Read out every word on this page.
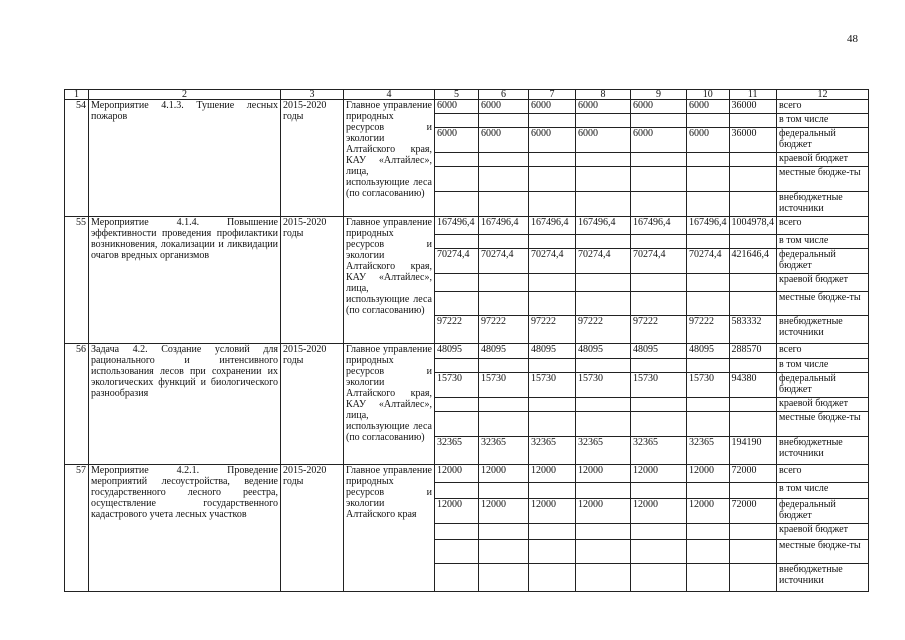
48
1	2	3	4	5	6	7	8	9	10	11	12
54	Мероприятие 4.1.3. Тушение лесных пожаров	2015-2020 годы	Главное управление природных ресурсов и экологии Алтайского края, КАУ «Алтайлес», лица, использующие леса (по согласованию)	6000	6000	6000	6000	6000	6000	36000	всего
											в том числе
				6000	6000	6000	6000	6000	6000	36000	федеральный бюджет
											краевой бюджет
											местные бюдже-ты
											внебюджетные источники
55	Мероприятие 4.1.4. Повышение эффективности проведения профилактики возникновения, локализации и ликвидации очагов вредных организмов	2015-2020 годы	Главное управление природных ресурсов и экологии Алтайского края, КАУ «Алтайлес», лица, использующие леса (по согласованию)	167496,4	167496,4	167496,4	167496,4	167496,4	167496,4	1004978,4	всего
											в том числе
				70274,4	70274,4	70274,4	70274,4	70274,4	70274,4	421646,4	федеральный бюджет
											краевой бюджет
											местные бюдже-ты
				97222	97222	97222	97222	97222	97222	583332	внебюджетные источники
56	Задача 4.2. Создание условий для рационального и интенсивного использования лесов при сохранении их экологических функций и биологического разнообразия	2015-2020 годы	Главное управление природных ресурсов и экологии Алтайского края, КАУ «Алтайлес», лица, использующие леса (по согласованию)	48095	48095	48095	48095	48095	48095	288570	всего
											в том числе
				15730	15730	15730	15730	15730	15730	94380	федеральный бюджет
											краевой бюджет
											местные бюдже-ты
				32365	32365	32365	32365	32365	32365	194190	внебюджетные источники
57	Мероприятие 4.2.1. Проведение мероприятий лесоустройства, ведение государственного лесного реестра, осуществление государственного кадастрового учета лесных участков	2015-2020 годы	Главное управление природных ресурсов и экологии Алтайского края	12000	12000	12000	12000	12000	12000	72000	всего
											в том числе
				12000	12000	12000	12000	12000	12000	72000	федеральный бюджет
											краевой бюджет
											местные бюдже-ты
											внебюджетные источники
